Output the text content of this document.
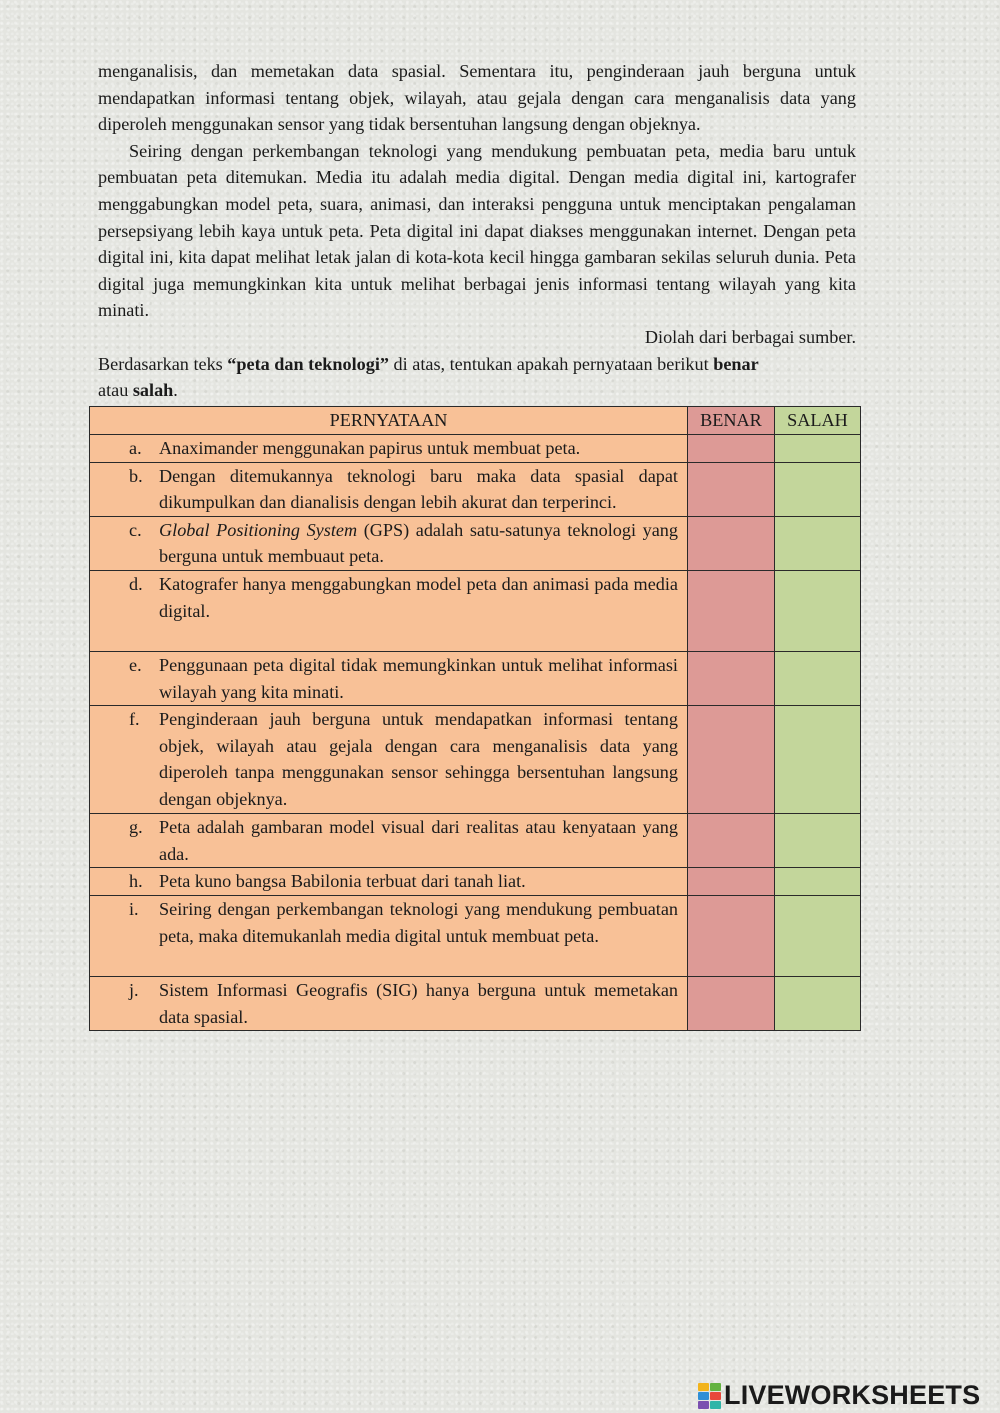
menganalisis, dan memetakan data spasial. Sementara itu, penginderaan jauh berguna untuk mendapatkan informasi tentang objek, wilayah, atau gejala dengan cara menganalisis data yang diperoleh menggunakan sensor yang tidak bersentuhan langsung dengan objeknya.

Seiring dengan perkembangan teknologi yang mendukung pembuatan peta, media baru untuk pembuatan peta ditemukan. Media itu adalah media digital. Dengan media digital ini, kartografer menggabungkan model peta, suara, animasi, dan interaksi pengguna untuk menciptakan pengalaman persepsiyang lebih kaya untuk peta. Peta digital ini dapat diakses menggunakan internet. Dengan peta digital ini, kita dapat melihat letak jalan di kota-kota kecil hingga gambaran sekilas seluruh dunia. Peta digital juga memungkinkan kita untuk melihat berbagai jenis informasi tentang wilayah yang kita minati.

Diolah dari berbagai sumber.

Berdasarkan teks “peta dan teknologi” di atas, tentukan apakah pernyataan berikut benar
atau salah.

PERNYATAAN	BENAR	SALAH

a. Anaximander menggunakan papirus untuk membuat peta.		

b. Dengan ditemukannya teknologi baru maka data spasial dapat dikumpulkan dan dianalisis dengan lebih akurat dan terperinci.		

c. Global Positioning System (GPS) adalah satu-satunya teknologi yang berguna untuk membuaut peta.		

d. Katografer hanya menggabungkan model peta dan animasi pada media digital.		

e. Penggunaan peta digital tidak memungkinkan untuk melihat informasi wilayah yang kita minati.		

f. Penginderaan jauh berguna untuk mendapatkan informasi tentang objek, wilayah atau gejala dengan cara menganalisis data yang diperoleh tanpa menggunakan sensor sehingga bersentuhan langsung dengan objeknya.		

g. Peta adalah gambaran model visual dari realitas atau kenyataan yang ada.		

h. Peta kuno bangsa Babilonia terbuat dari tanah liat.		

i. Seiring dengan perkembangan teknologi yang mendukung pembuatan peta, maka ditemukanlah media digital untuk membuat peta.		

j. Sistem Informasi Geografis (SIG) hanya berguna untuk memetakan data spasial.		

LIVEWORKSHEETS
